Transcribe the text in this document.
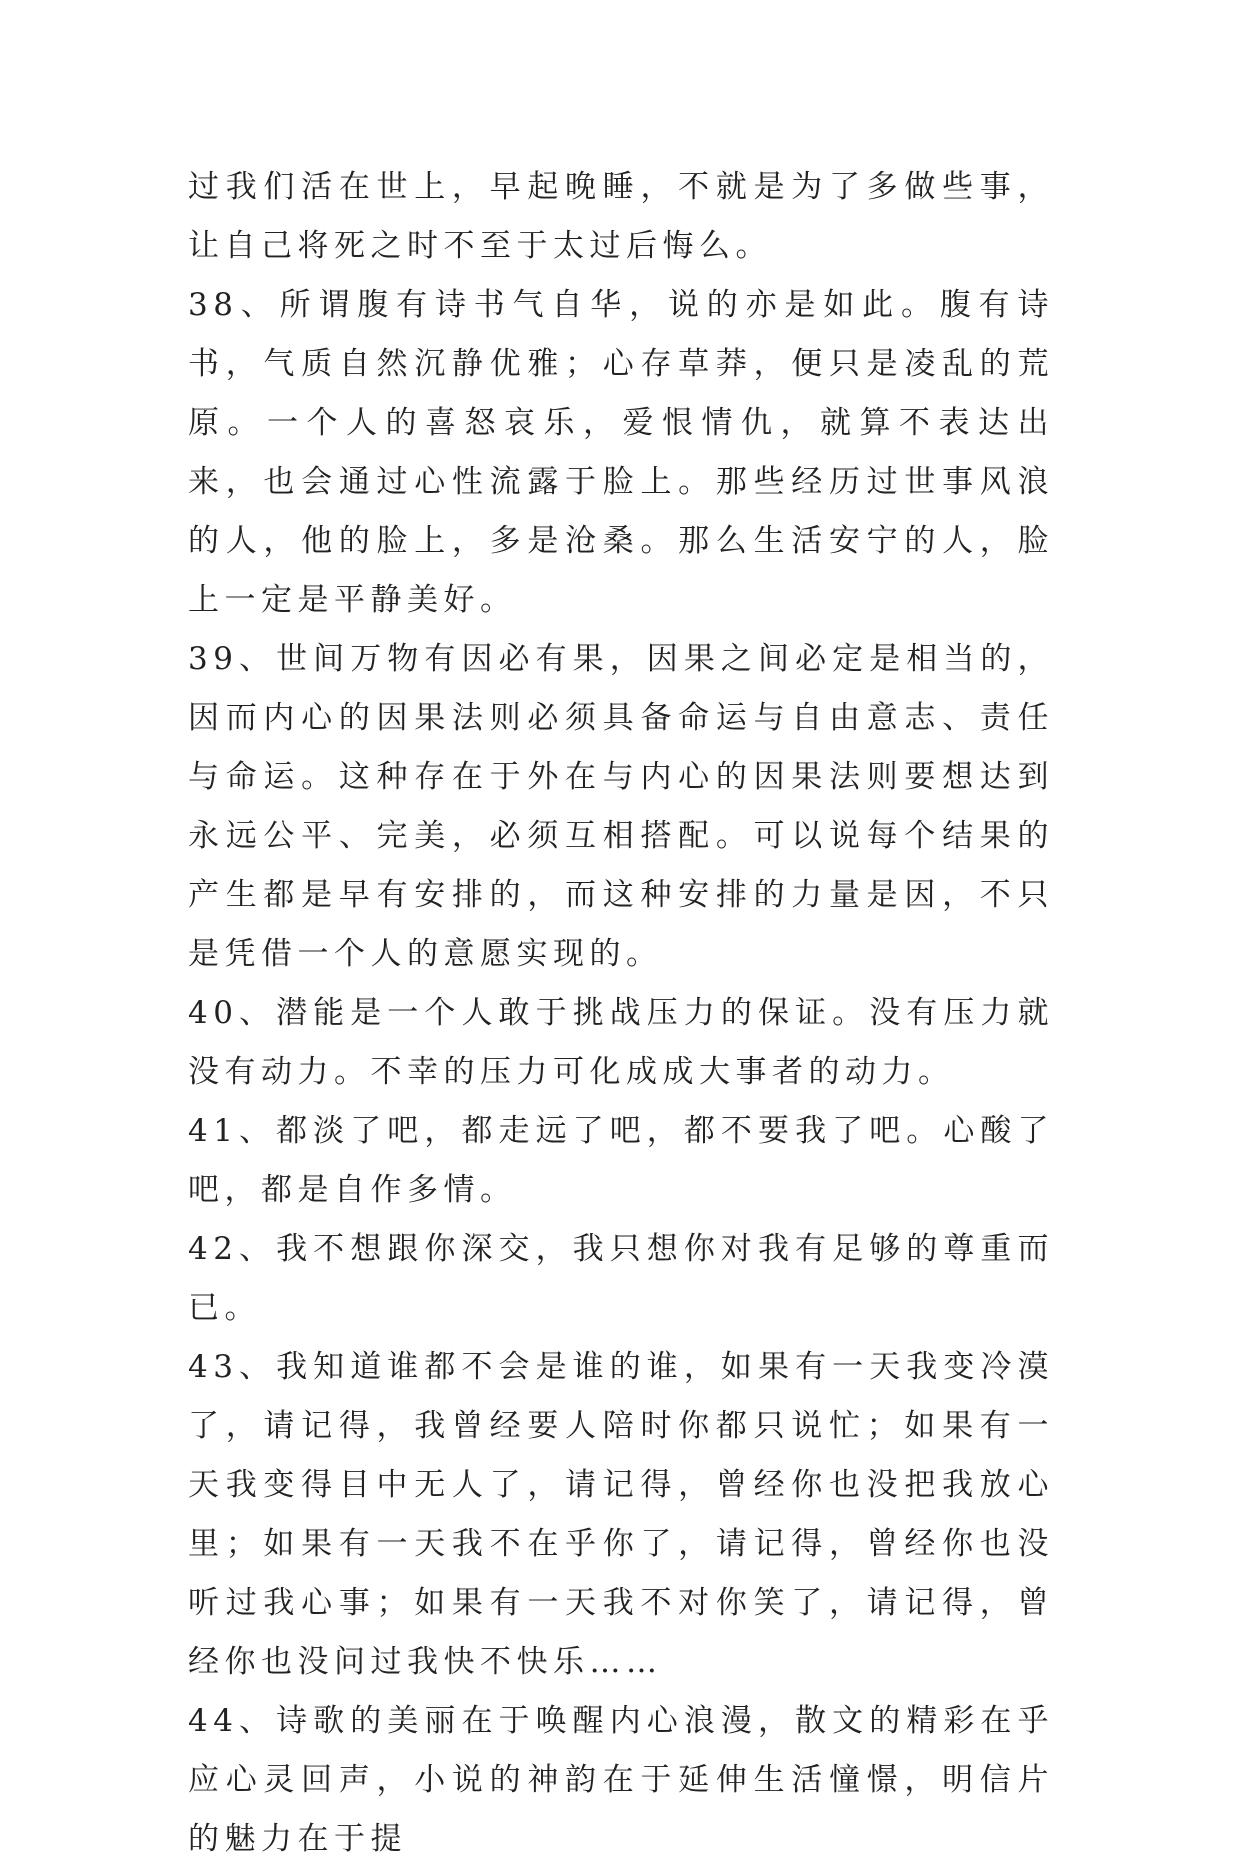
过我们活在世上，早起晚睡，不就是为了多做些事，让自己将死之时不至于太过后悔么。

38、所谓腹有诗书气自华，说的亦是如此。腹有诗书，气质自然沉静优雅；心存草莽，便只是凌乱的荒原。一个人的喜怒哀乐，爱恨情仇，就算不表达出来，也会通过心性流露于脸上。那些经历过世事风浪的人，他的脸上，多是沧桑。那么生活安宁的人，脸上一定是平静美好。

39、世间万物有因必有果，因果之间必定是相当的，因而内心的因果法则必须具备命运与自由意志、责任与命运。这种存在于外在与内心的因果法则要想达到永远公平、完美，必须互相搭配。可以说每个结果的产生都是早有安排的，而这种安排的力量是因，不只是凭借一个人的意愿实现的。

40、潜能是一个人敢于挑战压力的保证。没有压力就没有动力。不幸的压力可化成成大事者的动力。

41、都淡了吧，都走远了吧，都不要我了吧。心酸了吧，都是自作多情。

42、我不想跟你深交，我只想你对我有足够的尊重而已。

43、我知道谁都不会是谁的谁，如果有一天我变冷漠了，请记得，我曾经要人陪时你都只说忙；如果有一天我变得目中无人了，请记得，曾经你也没把我放心里；如果有一天我不在乎你了，请记得，曾经你也没听过我心事；如果有一天我不对你笑了，请记得，曾经你也没问过我快不快乐……

44、诗歌的美丽在于唤醒内心浪漫，散文的精彩在乎应心灵回声，小说的神韵在于延伸生活憧憬，明信片的魅力在于提
